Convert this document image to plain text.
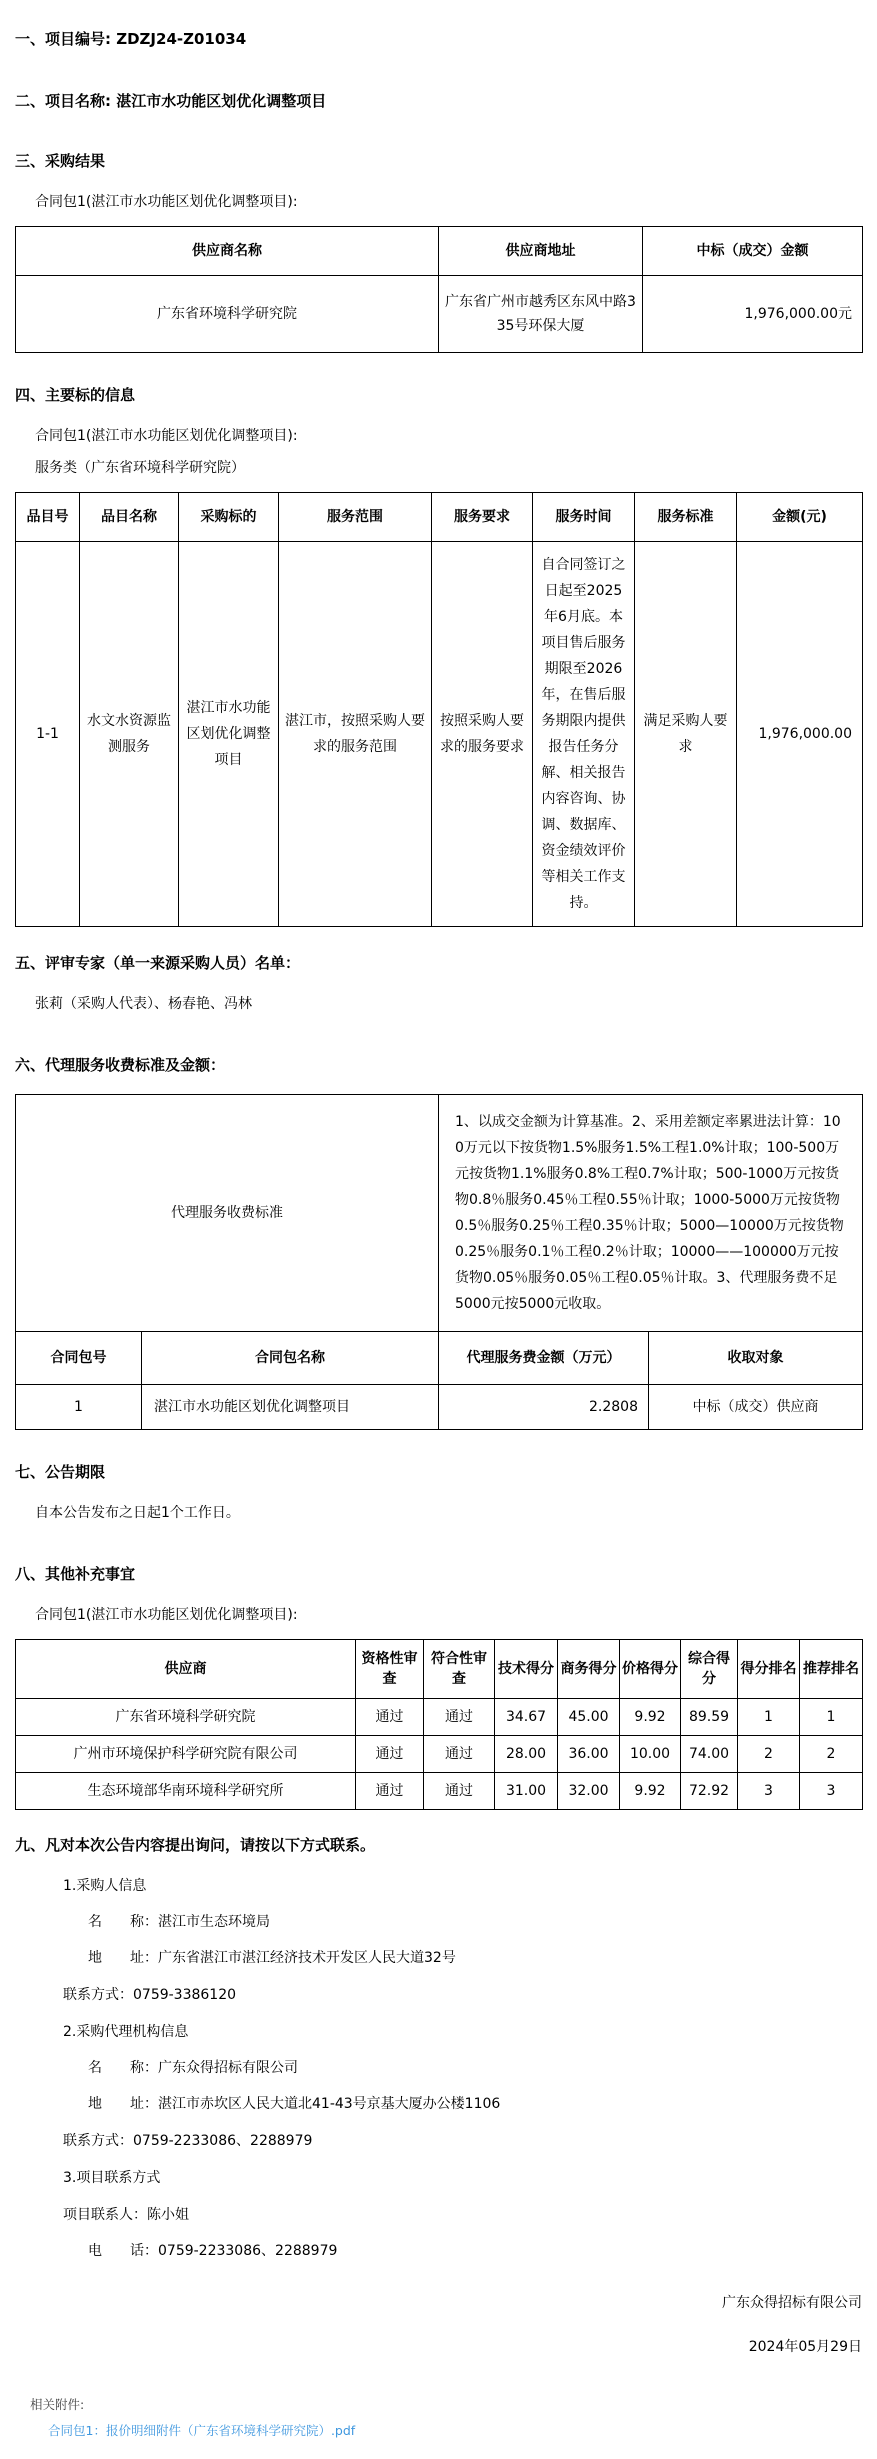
一、项目编号: ZDZJ24-Z01034
二、项目名称: 湛江市水功能区划优化调整项目
三、采购结果
合同包1(湛江市水功能区划优化调整项目):
供应商名称	供应商地址	中标（成交）金额
广东省环境科学研究院	广东省广州市越秀区东风中路335号环保大厦	1,976,000.00元
四、主要标的信息
合同包1(湛江市水功能区划优化调整项目):
服务类（广东省环境科学研究院）
品目号	品目名称	采购标的	服务范围	服务要求	服务时间	服务标准	金额(元)
1-1	水文水资源监测服务	湛江市水功能区划优化调整项目	湛江市，按照采购人要求的服务范围	按照采购人要求的服务要求	自合同签订之日起至2025年6月底。本项目售后服务期限至2026年，在售后服务期限内提供报告任务分解、相关报告内容咨询、协调、数据库、资金绩效评价等相关工作支持。	满足采购人要求	1,976,000.00
五、评审专家（单一来源采购人员）名单：
张莉（采购人代表）、杨春艳、冯林
六、代理服务收费标准及金额：
代理服务收费标准		1、以成交金额为计算基准。2、采用差额定率累进法计算：100万元以下按货物1.5%服务1.5%工程1.0%计取；100-500万元按货物1.1%服务0.8%工程0.7%计取；500-1000万元按货物0.8％服务0.45％工程0.55％计取；1000-5000万元按货物0.5％服务0.25％工程0.35％计取；5000—10000万元按货物0.25％服务0.1％工程0.2％计取；10000——100000万元按货物0.05％服务0.05％工程0.05％计取。3、代理服务费不足5000元按5000元收取。	
合同包号	合同包名称	代理服务费金额（万元）	收取对象
1	湛江市水功能区划优化调整项目	2.2808	中标（成交）供应商
七、公告期限
自本公告发布之日起1个工作日。
八、其他补充事宜
合同包1(湛江市水功能区划优化调整项目):
供应商	资格性审查	符合性审查	技术得分	商务得分	价格得分	综合得分	得分排名	推荐排名
广东省环境科学研究院	通过	通过	34.67	45.00	9.92	89.59	1	1
广州市环境保护科学研究院有限公司	通过	通过	28.00	36.00	10.00	74.00	2	2
生态环境部华南环境科学研究所	通过	通过	31.00	32.00	9.92	72.92	3	3
九、凡对本次公告内容提出询问，请按以下方式联系。
1.采购人信息
名　　称：湛江市生态环境局
地　　址：广东省湛江市湛江经济技术开发区人民大道32号
联系方式：0759-3386120
2.采购代理机构信息
名　　称：广东众得招标有限公司
地　　址：湛江市赤坎区人民大道北41-43号京基大厦办公楼1106
联系方式：0759-2233086、2288979
3.项目联系方式
项目联系人：陈小姐
电　　话：0759-2233086、2288979
广东众得招标有限公司
2024年05月29日
相关附件:
合同包1：报价明细附件（广东省环境科学研究院）.pdf
